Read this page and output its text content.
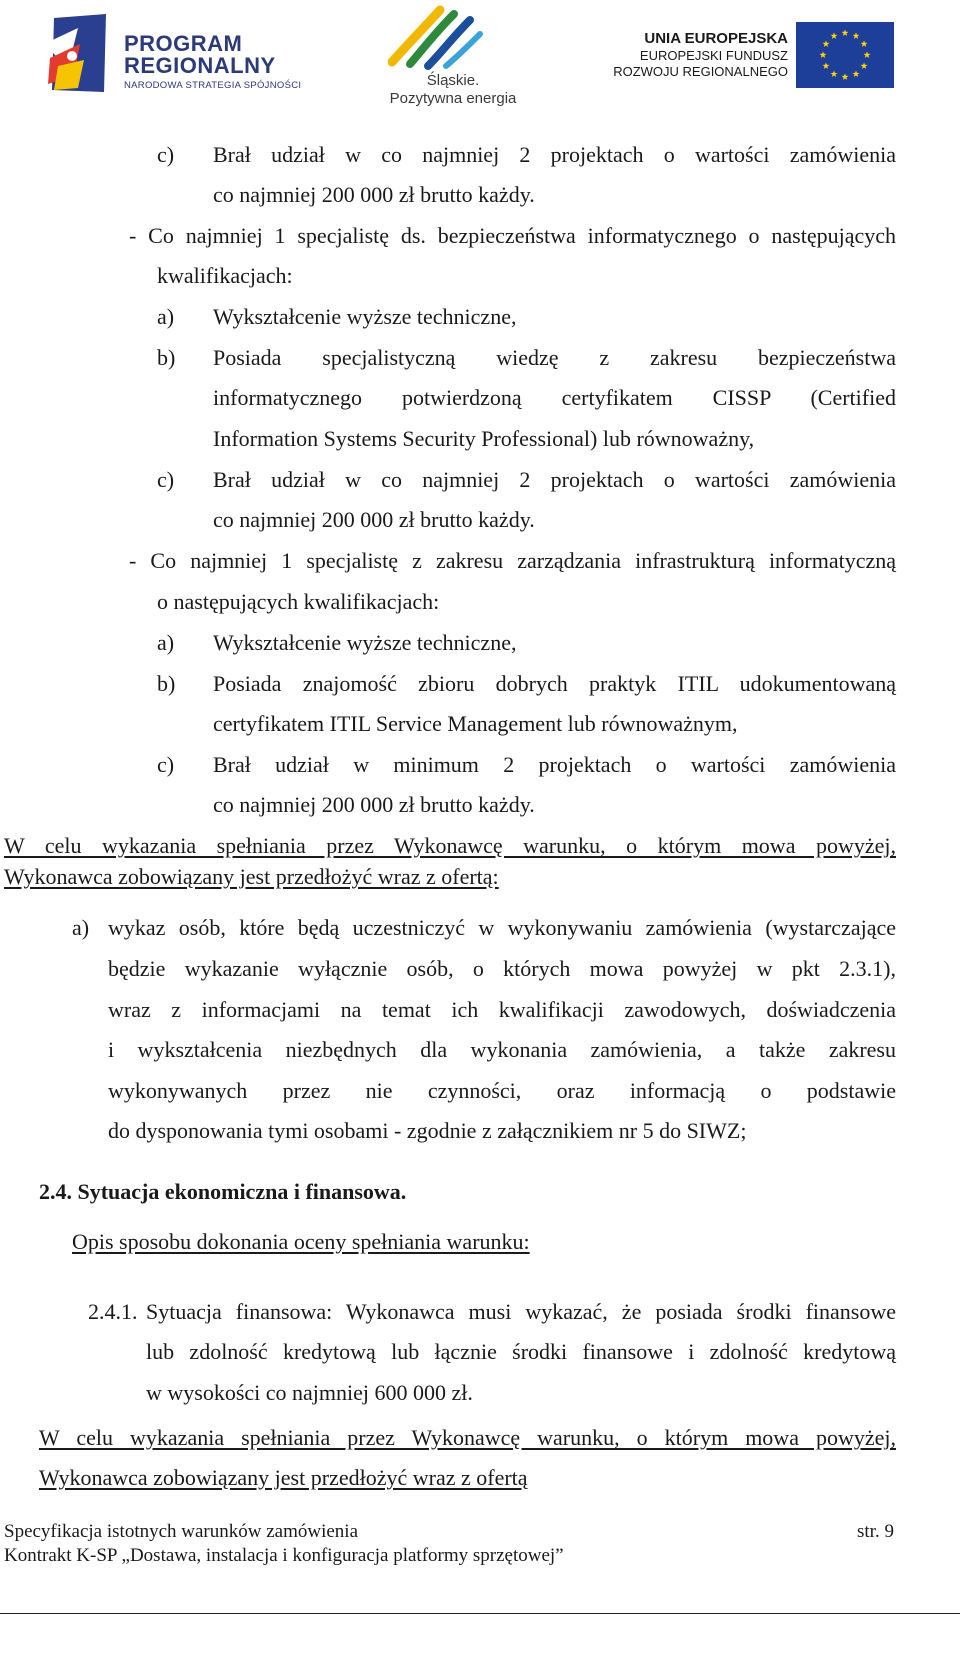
PROGRAM
REGIONALNY
NARODOWA STRATEGIA SPÓJNOŚCI	Śląskie.
Pozytywna energia
UNIA EUROPEJSKA
EUROPEJSKI FUNDUSZ
ROZWOJU REGIONALNEGO
c) Brał udział w co najmniej 2 projektach o wartości zamówienia
co najmniej 200 000 zł brutto każdy.
- Co najmniej 1 specjalistę ds. bezpieczeństwa informatycznego o następujących
kwalifikacjach:
a) Wykształcenie wyższe techniczne,
b) Posiada specjalistyczną wiedzę z zakresu bezpieczeństwa
informatycznego potwierdzoną certyfikatem CISSP (Certified
Information Systems Security Professional) lub równoważny,
c) Brał udział w co najmniej 2 projektach o wartości zamówienia
co najmniej 200 000 zł brutto każdy.
- Co najmniej 1 specjalistę z zakresu zarządzania infrastrukturą informatyczną
o następujących kwalifikacjach:
a) Wykształcenie wyższe techniczne,
b) Posiada znajomość zbioru dobrych praktyk ITIL udokumentowaną
certyfikatem ITIL Service Management lub równoważnym,
c) Brał udział w minimum 2 projektach o wartości zamówienia
co najmniej 200 000 zł brutto każdy.
W celu wykazania spełniania przez Wykonawcę warunku, o którym mowa powyżej,
Wykonawca zobowiązany jest przedłożyć wraz z ofertą:
a) wykaz osób, które będą uczestniczyć w wykonywaniu zamówienia (wystarczające
będzie wykazanie wyłącznie osób, o których mowa powyżej w pkt 2.3.1),
wraz z informacjami na temat ich kwalifikacji zawodowych, doświadczenia
i wykształcenia niezbędnych dla wykonania zamówienia, a także zakresu
wykonywanych przez nie czynności, oraz informacją o podstawie
do dysponowania tymi osobami - zgodnie z załącznikiem nr 5 do SIWZ;
2.4. Sytuacja ekonomiczna i finansowa.
Opis sposobu dokonania oceny spełniania warunku:
2.4.1. Sytuacja finansowa: Wykonawca musi wykazać, że posiada środki finansowe
lub zdolność kredytową lub łącznie środki finansowe i zdolność kredytową
w wysokości co najmniej 600 000 zł.
W celu wykazania spełniania przez Wykonawcę warunku, o którym mowa powyżej,
Wykonawca zobowiązany jest przedłożyć wraz z ofertą
Specyfikacja istotnych warunków zamówienia	str. 9
Kontrakt K-SP „Dostawa, instalacja i konfiguracja platformy sprzętowej”
